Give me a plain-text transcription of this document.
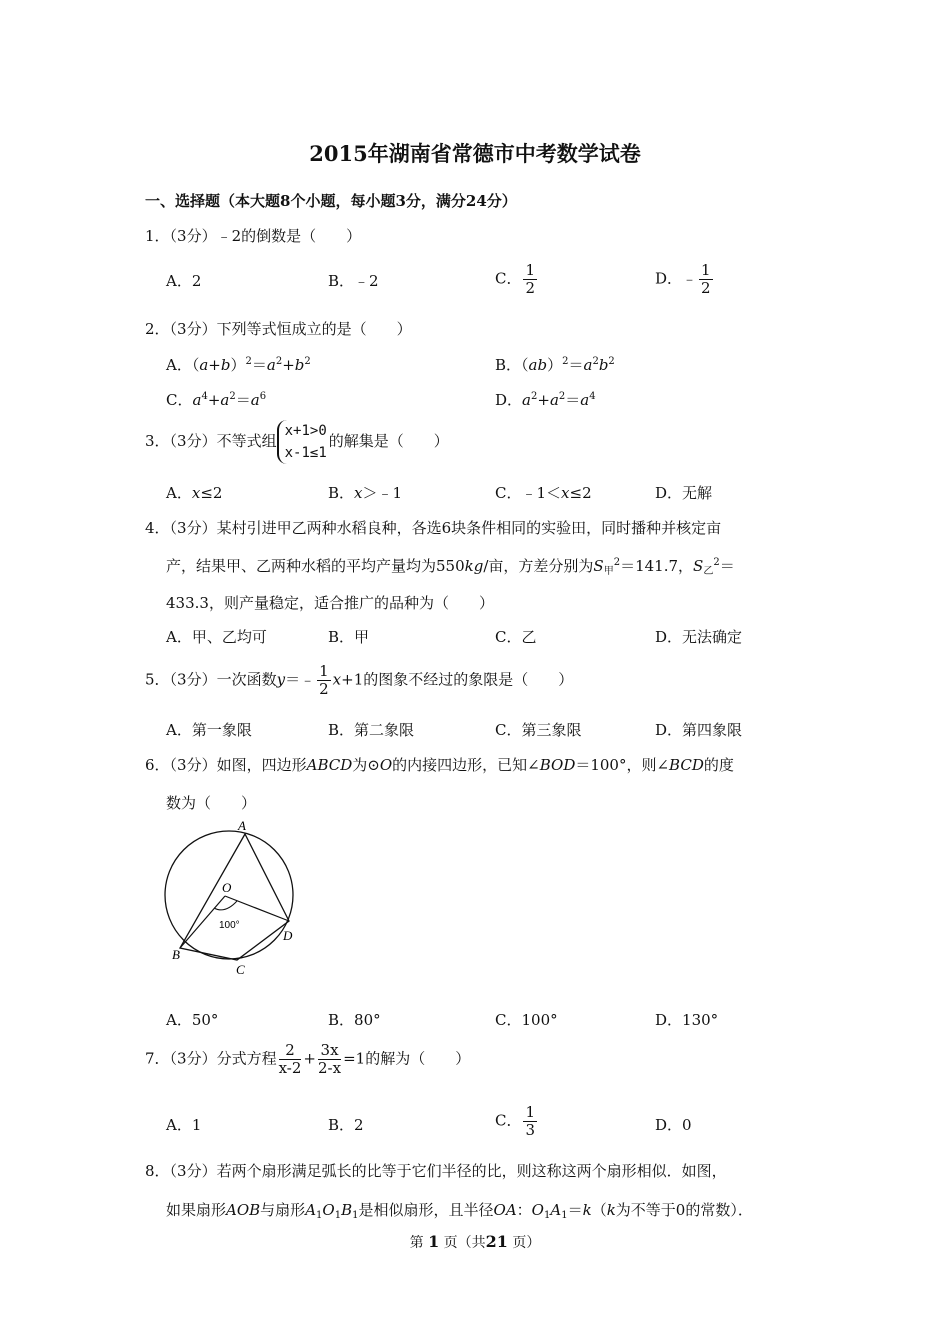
2015年湖南省常德市中考数学试卷
一、选择题（本大题8个小题，每小题3分，满分24分）
1．（3分）﹣2的倒数是（　　）
A．2	B．﹣2	C． $\frac{1}{2}$	D．﹣ $\frac{1}{2}$
2．（3分）下列等式恒成立的是（　　）
A．$(a+b)^2=a^2+b^2$	B．$(ab)^2=a^2b^2$
C．$a^4+a^2=a^6$	D．$a^2+a^2=a^4$
3．（3分）不等式组
x+1>0
x-1≤1
的解集是（　　）
A．x≤2	B．x＞﹣1	C．﹣1＜x≤2	D．无解
4．（3分）某村引进甲乙两种水稻良种，各选6块条件相同的实验田，同时播种并核定亩
产，结果甲、乙两种水稻的平均产量均为550kg/亩，方差分别为$S_甲^2=141.7$，$S_乙^2=$
433.3，则产量稳定，适合推广的品种为（　　）
A．甲、乙均可	B．甲	C．乙	D．无法确定
5．（3分）一次函数y＝﹣ $\frac{1}{2} x+1$的图象不经过的象限是（　　）
A．第一象限	B．第二象限	C．第三象限	D．第四象限
6．（3分）如图，四边形ABCD为⊙O的内接四边形，已知∠BOD＝100°，则∠BCD的度
数为（　　）
A
O
B
C
D
100°
A．50°	B．80°	C．100°	D．130°
7．（3分）分式方程 $\frac{2}{x-2} + \frac{3x}{2-x} =1$的解为（　　）
A．1	B．2	C． $\frac{1}{3}$	D．0
8．（3分）若两个扇形满足弧长的比等于它们半径的比，则这称这两个扇形相似．如图，
如果扇形AOB与扇形$A_1O_1B_1$是相似扇形，且半径OA：$O_1A_1=k(k$为不等于0的常数）．
第 1 页（共21 页）
